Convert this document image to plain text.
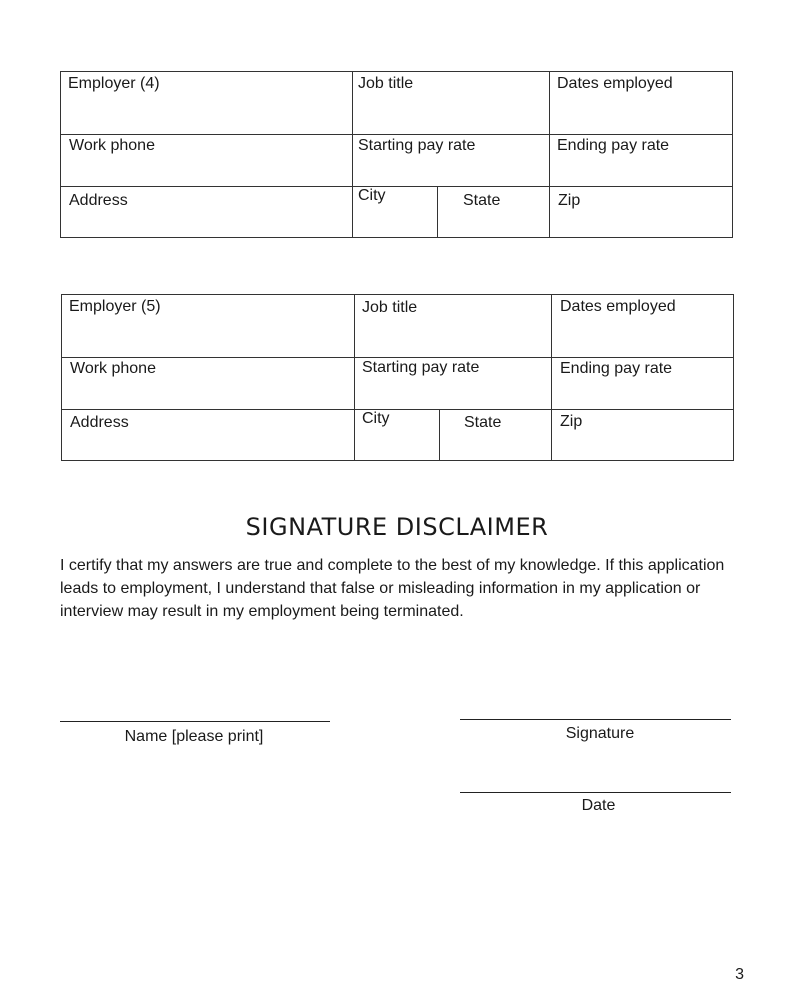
Employer (4)	Job title		Dates employed

Work phone	Starting pay rate		Ending pay rate

Address	City	State	Zip
Employer (5)	Job title		Dates employed

Work phone	Starting pay rate		Ending pay rate

Address	City	State	Zip
SIGNATURE DISCLAIMER

I certify that my answers are true and complete to the best of my knowledge. If this application leads to employment, I understand that false or misleading information in my application or interview may result in my employment being terminated.

Name [please print]	Signature
Date
3
